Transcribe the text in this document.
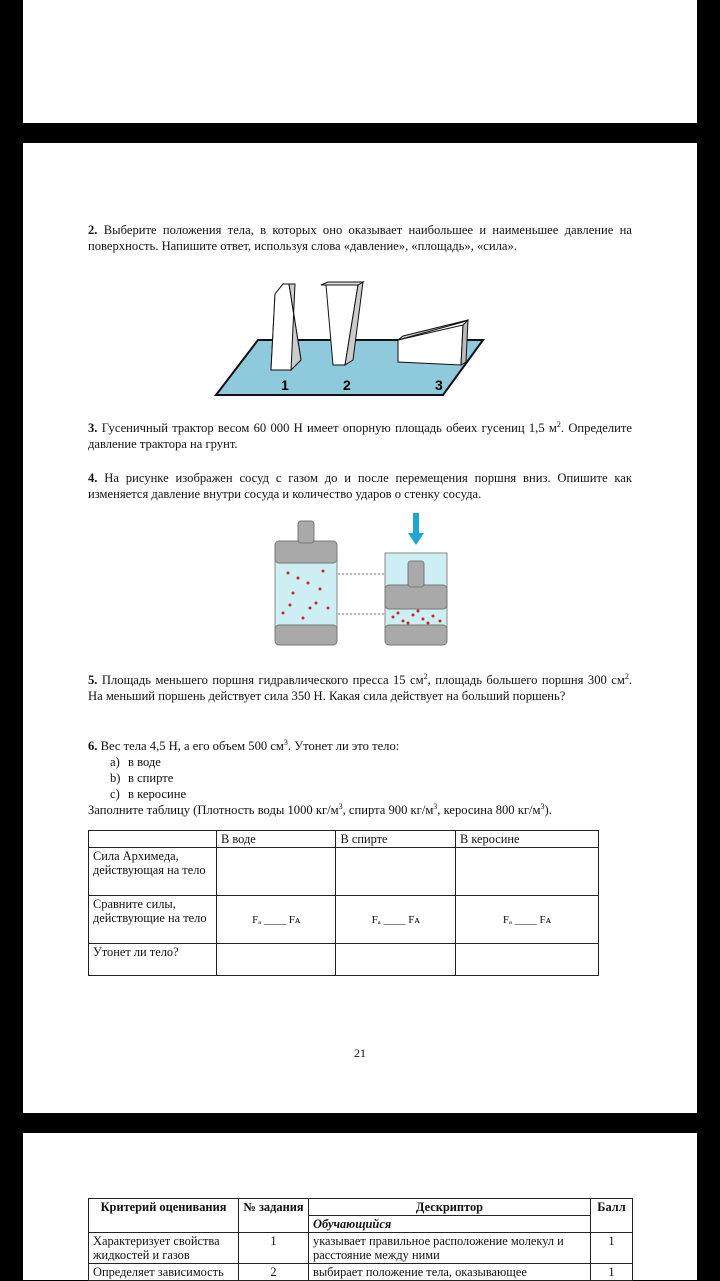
2. Выберите положения тела, в которых оно оказывает наибольшее и наименьшее давление на поверхность. Напишите ответ, используя слова «давление», «площадь», «сила».
1	2	3
3. Гусеничный трактор весом 60 000 Н имеет опорную площадь обеих гусениц 1,5 $м^2$. Определите давление трактора на грунт.
4. На рисунке изображен сосуд с газом до и после перемещения поршня вниз. Опишите как изменяется давление внутри сосуда и количество ударов о стенку сосуда.
5. Площадь меньшего поршня гидравлического пресса 15 $см^2$, площадь большего поршня 300 $см^2$. На меньший поршень действует сила 350 Н. Какая сила действует на больший поршень?
6. Вес тела 4,5 Н, а его объем 500 $см^3$. Утонет ли это тело:
a) в воде
b) в спирте
c) в керосине
Заполните таблицу (Плотность воды 1000 $кг/м^3$, спирта 900 $кг/м^3$, керосина 800 $кг/м^3$).
	В воде	В спирте	В керосине
Сила Архимеда, действующая на тело			
Сравните силы, действующие на тело	Fₐ ____ Fᴀ	Fₐ ____ Fᴀ	Fₐ ____ Fᴀ
Утонет ли тело?			
21
Критерий оценивания	№ задания	Дескриптор	Балл
		Обучающийся	
Характеризует свойства жидкостей и газов	1	указывает правильное расположение молекул и расстояние между ними	1
Определяет зависимость	2	выбирает положение тела, оказывающее	1
